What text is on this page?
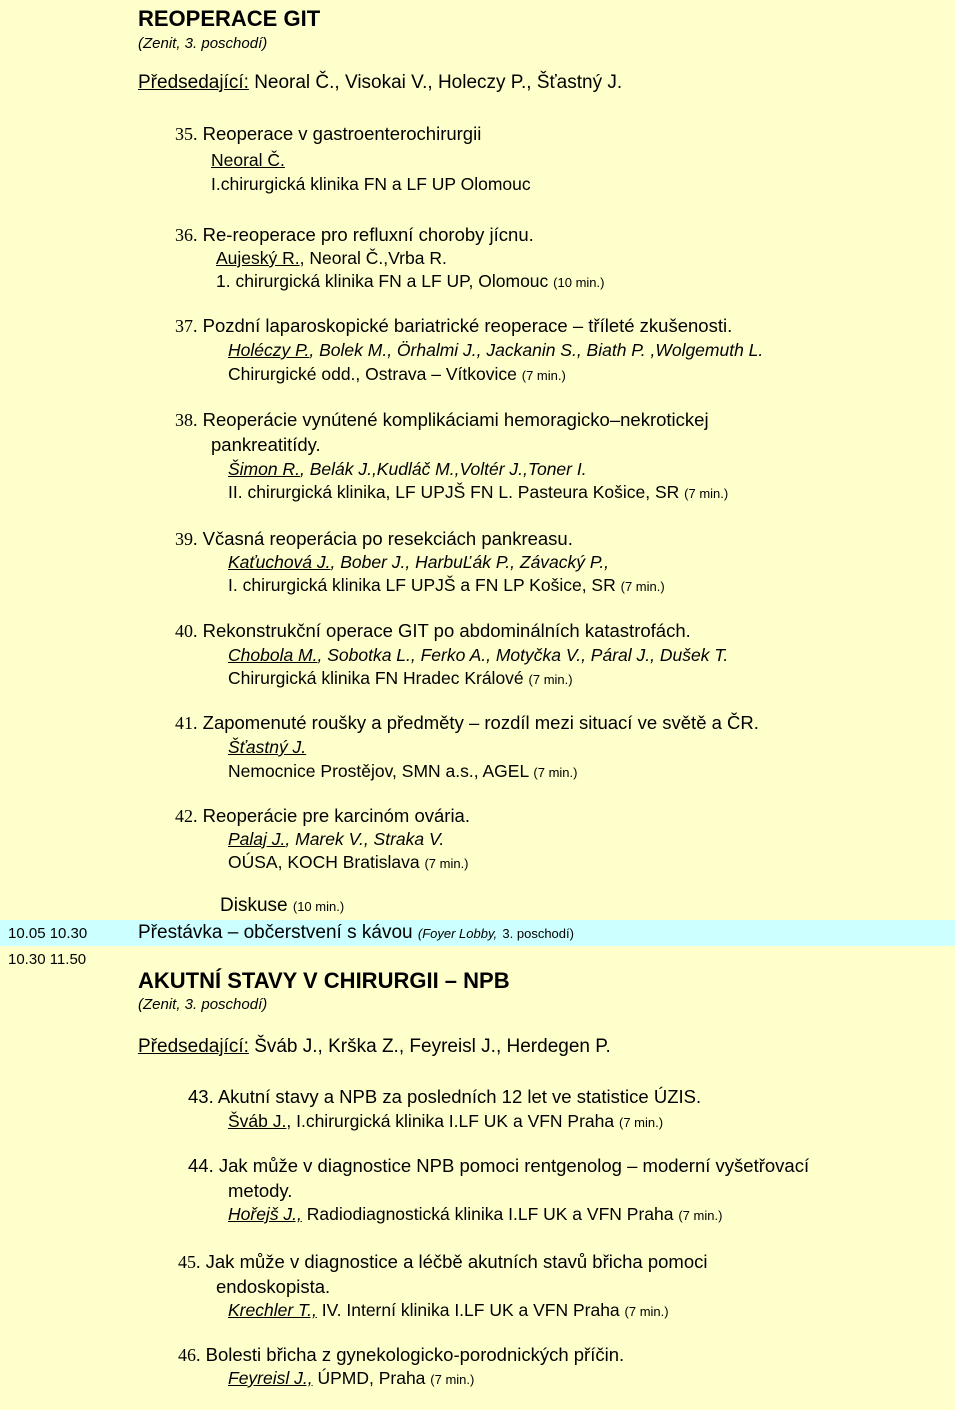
REOPERACE GIT
(Zenit, 3. poschodí)
Předsedající: Neoral Č., Visokai V., Holeczy P., Šťastný J.
35. Reoperace v gastroenterochirurgii
Neoral Č.
I.chirurgická klinika FN a LF UP Olomouc
36. Re-reoperace pro refluxní choroby jícnu.
Aujeský R., Neoral Č.,Vrba R.
1. chirurgická klinika FN a LF UP, Olomouc (10 min.)
37. Pozdní laparoskopické bariatrické reoperace – tříleté zkušenosti.
Holéczy P., Bolek M., Örhalmi J., Jackanin S., Biath P. ,Wolgemuth L.
Chirurgické odd., Ostrava – Vítkovice (7 min.)
38. Reoperácie vynútené komplikáciami hemoragicko–nekrotickej
pankreatitídy.
Šimon R., Belák J.,Kudláč M.,Voltér J.,Toner I.
II. chirurgická klinika, LF UPJŠ FN L. Pasteura Košice, SR (7 min.)
39. Včasná reoperácia po resekciách pankreasu.
Kaťuchová J., Bober J., HarbuĽák P., Závacký P.,
I. chirurgická klinika LF UPJŠ a FN LP Košice, SR (7 min.)
40. Rekonstrukční operace GIT po abdominálních katastrofách.
Chobola M., Sobotka L., Ferko A., Motyčka V., Páral J., Dušek T.
Chirurgická klinika FN Hradec Králové (7 min.)
41. Zapomenuté roušky a předměty – rozdíl mezi situací ve světě a ČR.
Šťastný J.
Nemocnice Prostějov, SMN a.s., AGEL (7 min.)
42. Reoperácie pre karcinóm ovária.
Palaj J., Marek V., Straka V.
OÚSA, KOCH Bratislava (7 min.)
Diskuse (10 min.)
10.05 10.30	Přestávka – občerstvení s kávou (Foyer Lobby, 3. poschodí)
10.30 11.50
AKUTNÍ STAVY V CHIRURGII – NPB
(Zenit, 3. poschodí)
Předsedající: Šváb J., Krška Z., Feyreisl J., Herdegen P.
43. Akutní stavy a NPB za posledních 12 let ve statistice ÚZIS.
Šváb J., I.chirurgická klinika I.LF UK a VFN Praha (7 min.)
44. Jak může v diagnostice NPB pomoci rentgenolog – moderní vyšetřovací
metody.
Hořejš J., Radiodiagnostická klinika I.LF UK a VFN Praha (7 min.)
45. Jak může v diagnostice a léčbě akutních stavů břicha pomoci
endoskopista.
Krechler T., IV. Interní klinika I.LF UK a VFN Praha (7 min.)
46. Bolesti břicha z gynekologicko-porodnických příčin.
Feyreisl J., ÚPMD, Praha (7 min.)
